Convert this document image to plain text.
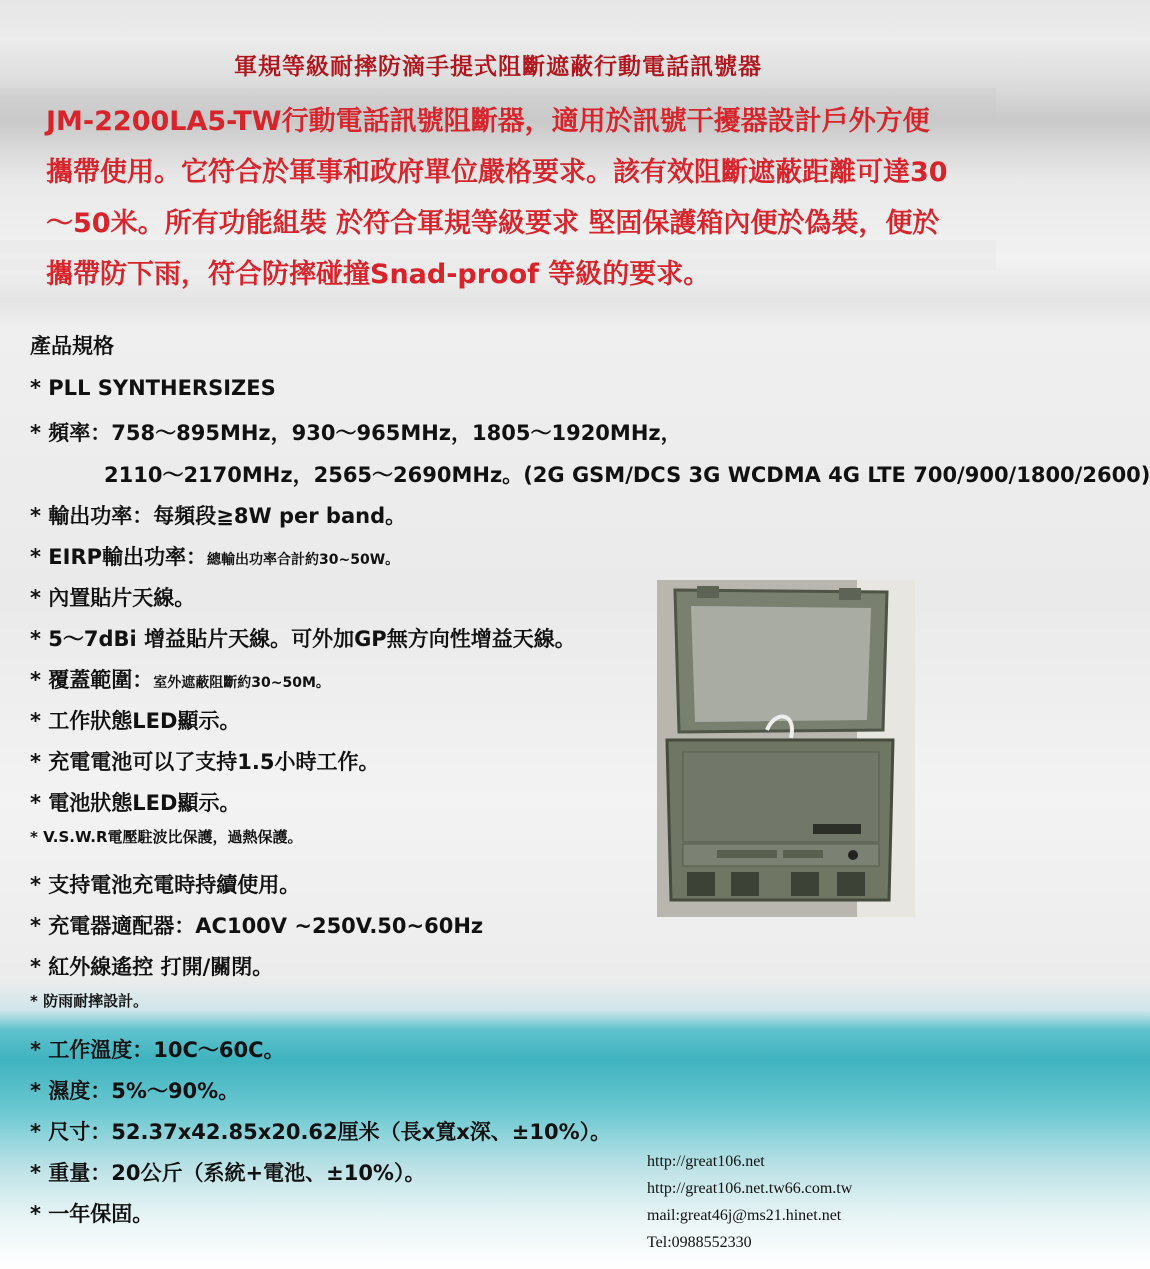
軍規等級耐摔防滴手提式阻斷遮蔽行動電話訊號器
JM-2200LA5-TW行動電話訊號阻斷器，適用於訊號干擾器設計戶外方便攜帶使用。它符合於軍事和政府單位嚴格要求。該有效阻斷遮蔽距離可達30～50米。所有功能組裝 於符合軍規等級要求 堅固保護箱內便於偽裝，便於攜帶防下雨，符合防摔碰撞Snad-proof 等級的要求。
產品規格
* PLL SYNTHERSIZES
* 頻率：758～895MHz，930～965MHz，1805～1920MHz，
2110～2170MHz，2565～2690MHz。(2G GSM/DCS 3G WCDMA 4G LTE 700/900/1800/2600)
* 輸出功率：每頻段≧8W per band。
* EIRP輸出功率：總輸出功率合計約30~50W。
* 內置貼片天線。
* 5～7dBi 增益貼片天線。可外加GP無方向性增益天線。
* 覆蓋範圍：室外遮蔽阻斷約30~50M。
* 工作狀態LED顯示。
* 充電電池可以了支持1.5小時工作。
* 電池狀態LED顯示。
* V.S.W.R電壓駐波比保護，過熱保護。
* 支持電池充電時持續使用。
* 充電器適配器：AC100V ~250V.50~60Hz
* 紅外線遙控 打開/關閉。
* 防雨耐摔設計。
* 工作溫度：10C～60C。
* 濕度：5%～90%。
* 尺寸：52.37x42.85x20.62厘米（長x寬x深、±10%）。
* 重量：20公斤（系統+電池、±10%）。
* 一年保固。
http://great106.net
http://great106.net.tw66.com.tw
mail:great46j@ms21.hinet.net
Tel:0988552330
